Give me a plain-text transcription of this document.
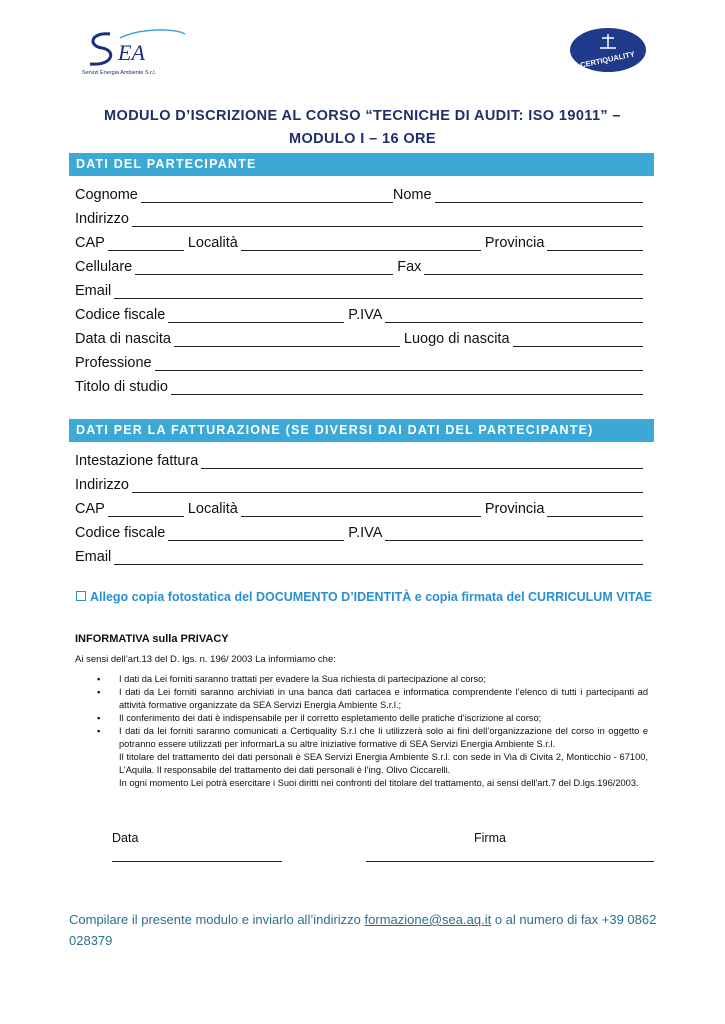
EA
Servizi Energia Ambiente S.r.l.
CERTIQUALITY
MODULO D’ISCRIZIONE AL CORSO “TECNICHE DI AUDIT: ISO 19011” –
MODULO I – 16 ORE
DATI DEL PARTECIPANTE
Cognome	Nome
Indirizzo
CAP	Località	Provincia
Cellulare	Fax
Email
Codice fiscale	P.IVA
Data di nascita	Luogo di nascita
Professione
Titolo di studio
DATI PER LA FATTURAZIONE (SE DIVERSI DAI DATI DEL PARTECIPANTE)
Intestazione fattura
Indirizzo
CAP	Località	Provincia
Codice fiscale	P.IVA
Email
Allego copia fotostatica del DOCUMENTO D’IDENTITÀ e copia firmata del CURRICULUM VITAE
INFORMATIVA sulla PRIVACY
Ai sensi dell’art.13 del D. lgs. n. 196/ 2003 La informiamo che:
▪ I dati da Lei forniti saranno trattati per evadere la Sua richiesta di partecipazione al corso;
▪ I dati da Lei forniti saranno archiviati in una banca dati cartacea e informatica comprendente l’elenco di tutti i partecipanti ad attività formative organizzate da SEA Servizi Energia Ambiente S.r.l.;
▪ Il conferimento dei dati è indispensabile per il corretto espletamento delle pratiche d’iscrizione al corso;
▪ I dati da lei forniti saranno comunicati a Certiquality S.r.l che li utilizzerà solo ai fini dell’organizzazione del corso in oggetto e potranno essere utilizzati per informarLa su altre iniziative formative di SEA Servizi Energia Ambiente S.r.l.
Il titolare del trattamento dei dati personali è SEA Servizi Energia Ambiente S.r.l. con sede in Via di Civita 2, Monticchio - 67100, L’Aquila. Il responsabile del trattamento dei dati personali è l’ing. Olivo Ciccarelli.
In ogni momento Lei potrà esercitare i Suoi diritti nei confronti del titolare del trattamento, ai sensi dell'art.7 del D.lgs.196/2003.
Data	Firma
Compilare il presente modulo e inviarlo all’indirizzo formazione@sea.aq.it o al numero di fax +39 0862 028379
